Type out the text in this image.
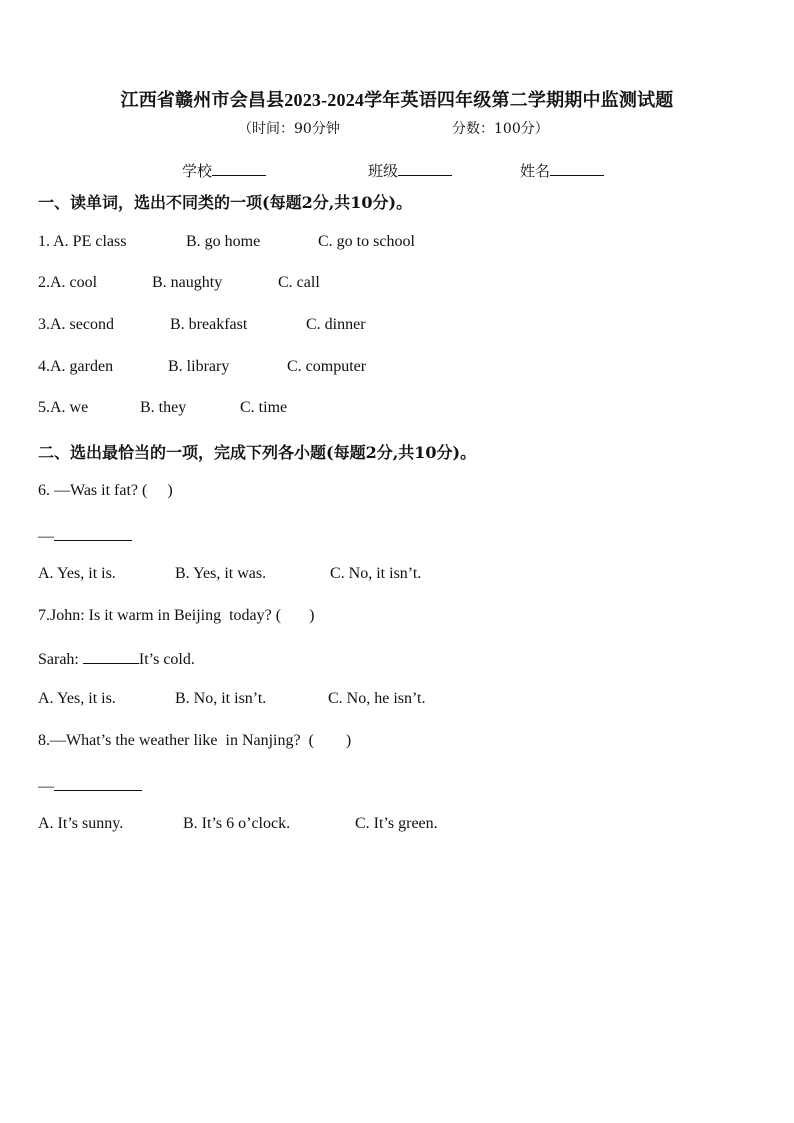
江西省赣州市会昌县2023-2024学年英语四年级第二学期期中监测试题
（时间：90分钟	分数：100分）
学校	班级	姓名
一、读单词，选出不同类的一项(每题2分,共10分)。
1. A. PE class	B. go home	C. go to school
2.A. cool	B. naughty	C. call
3.A. second	B. breakfast	C. dinner
4.A. garden	B. library	C. computer
5.A. we	B. they	C. time
二、选出最恰当的一项，完成下列各小题(每题2分,共10分)。
6. —Was it fat? (     )
—
A. Yes, it is.	B. Yes, it was.	C. No, it isn’t.
7.John: Is it warm in Beijing  today? (       )
Sarah:	It’s cold.
A. Yes, it is.	B. No, it isn’t.	C. No, he isn’t.
8.—What’s the weather like  in Nanjing?  (        )
—
A. It’s sunny.	B. It’s 6 o’clock.	C. It’s green.
